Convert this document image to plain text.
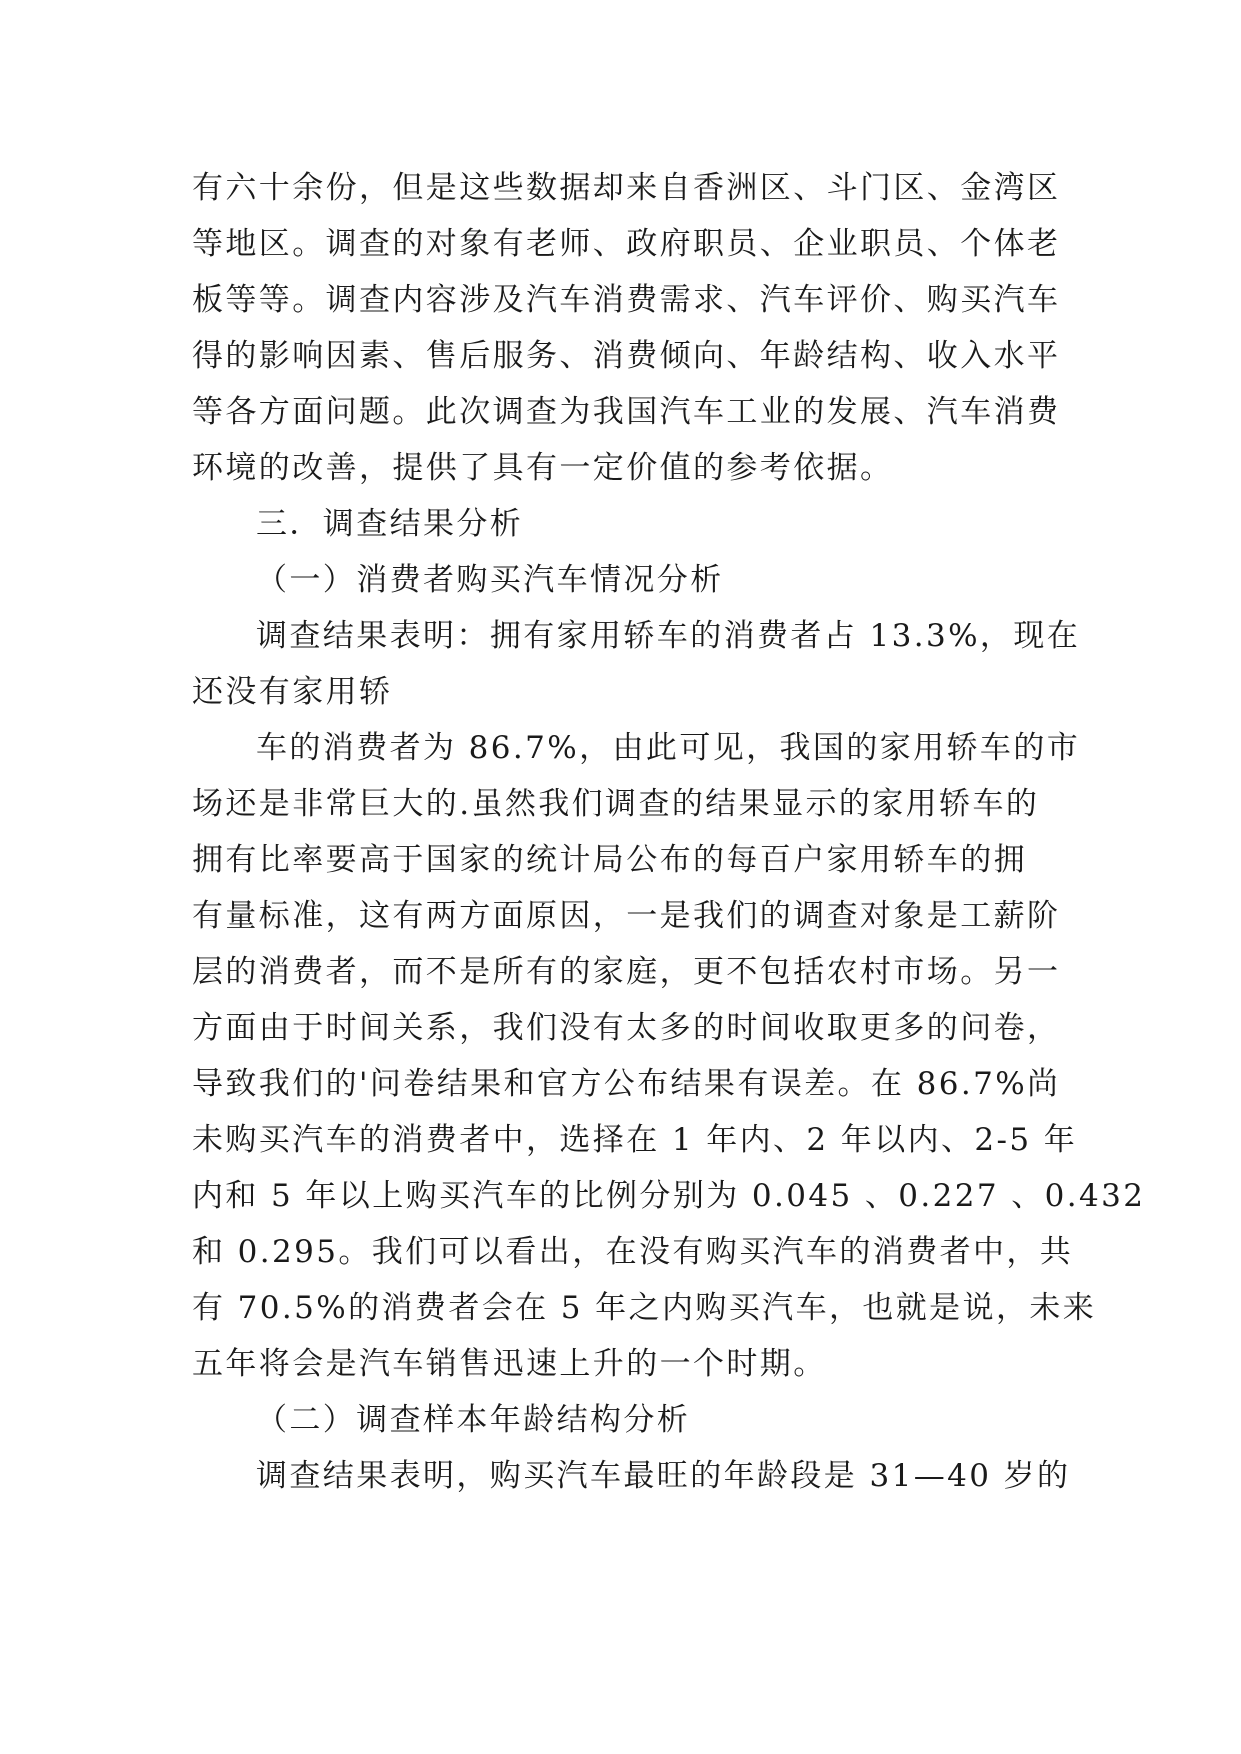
有六十余份，但是这些数据却来自香洲区、斗门区、金湾区
等地区。调查的对象有老师、政府职员、企业职员、个体老
板等等。调查内容涉及汽车消费需求、汽车评价、购买汽车
得的影响因素、售后服务、消费倾向、年龄结构、收入水平
等各方面问题。此次调查为我国汽车工业的发展、汽车消费
环境的改善，提供了具有一定价值的参考依据。
三．调查结果分析
（一）消费者购买汽车情况分析
调查结果表明：拥有家用轿车的消费者占 13.3%，现在
还没有家用轿
车的消费者为 86.7%，由此可见，我国的家用轿车的市
场还是非常巨大的.虽然我们调查的结果显示的家用轿车的
拥有比率要高于国家的统计局公布的每百户家用轿车的拥
有量标准，这有两方面原因，一是我们的调查对象是工薪阶
层的消费者，而不是所有的家庭，更不包括农村市场。另一
方面由于时间关系，我们没有太多的时间收取更多的问卷，
导致我们的'问卷结果和官方公布结果有误差。在 86.7%尚
未购买汽车的消费者中，选择在 1 年内、2 年以内、2-5 年
内和 5 年以上购买汽车的比例分别为 0.045 、0.227 、0.432
和 0.295。我们可以看出，在没有购买汽车的消费者中，共
有 70.5%的消费者会在 5 年之内购买汽车，也就是说，未来
五年将会是汽车销售迅速上升的一个时期。
（二）调查样本年龄结构分析
调查结果表明，购买汽车最旺的年龄段是 31—40 岁的
